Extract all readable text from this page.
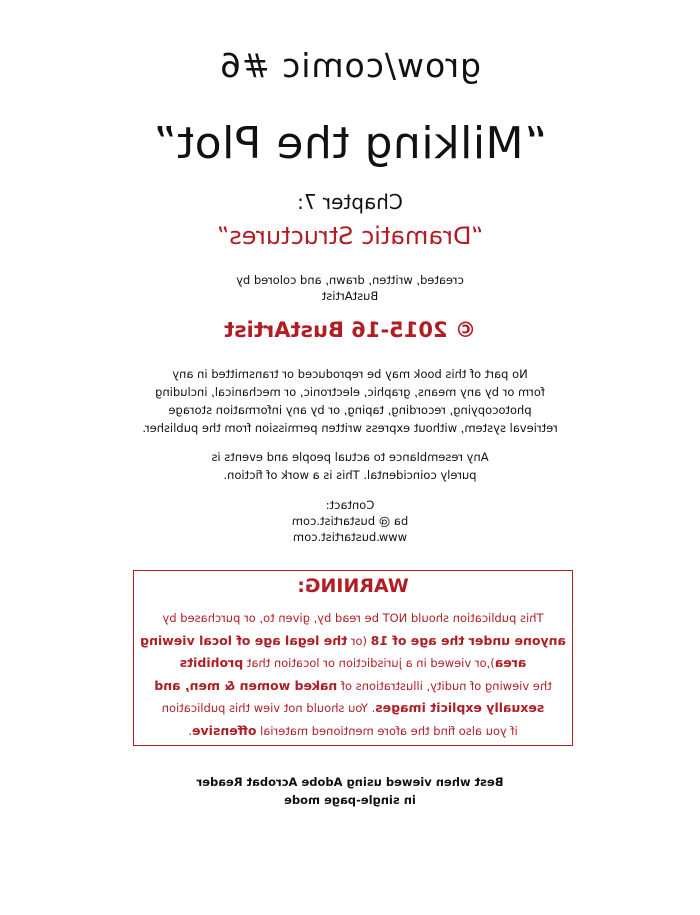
grow/comic #6
“Milking the Plot”
Chapter 7:
“Dramatic Structures”
created, written, drawn, and colored by
BustArtist
© 2015-16 BustArtist
No part of this book may be reproduced or transmitted in any
form or by any means, graphic, electronic, or mechanical, including
photocopying, recording, taping, or by any information storage
retrieval system, without express written permission from the publisher.
Any resemblance to actual people and events is
purely coincidental. This is a work of fiction.
Contact:
ba @ bustartist.com
www.bustartist.com
WARNING:
This publication should NOT be read by, given to, or purchased by
anyone under the age of 18 (or the legal age of local viewing
area),or viewed in a jurisdiction or location that prohibits
the viewing of nudity, illustrations of naked women & men, and
sexually explicit images. You should not view this publication
if you also find the afore mentioned material offensive.
Best when viewed using Adobe Acrobat Reader
in single-page mode
